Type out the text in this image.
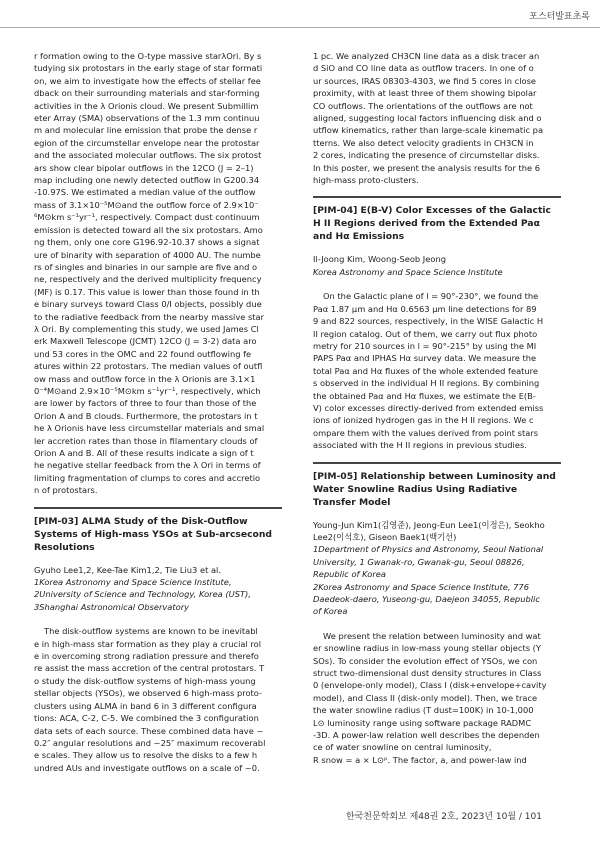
포스터발표초록

r formation owing to the O-type massive starλOri. By s
tudying six protostars in the early stage of star formati
on, we aim to investigate how the effects of stellar fee
dback on their surrounding materials and star-forming
activities in the λ Orionis cloud. We present Submillim
eter Array (SMA) observations of the 1.3 mm continuu
m and molecular line emission that probe the dense r
egion of the circumstellar envelope near the protostar
and the associated molecular outflows. The six protost
ars show clear bipolar outflows in the 12CO (J = 2–1)
map including one newly detected outflow in G200.34
-10.97S. We estimated a median value of the outflow
mass of 3.1×10⁻⁵M⊙and the outflow force of 2.9×10⁻
⁶M⊙km s⁻¹yr⁻¹, respectively. Compact dust continuum
emission is detected toward all the six protostars. Amo
ng them, only one core G196.92-10.37 shows a signat
ure of binarity with separation of 4000 AU. The numbe
rs of singles and binaries in our sample are five and o
ne, respectively and the derived multiplicity frequency
(MF) is 0.17. This value is lower than those found in th
e binary surveys toward Class 0/I objects, possibly due
to the radiative feedback from the nearby massive star
λ Ori. By complementing this study, we used James Cl
erk Maxwell Telescope (JCMT) 12CO (J = 3-2) data aro
und 53 cores in the OMC and 22 found outflowing fe
atures within 22 protostars. The median values of outfl
ow mass and outflow force in the λ Orionis are 3.1×1
0⁻⁴M⊙and 2.9×10⁻⁵M⊙km s⁻¹yr⁻¹, respectively, which
are lower by factors of three to four than those of the
Orion A and B clouds. Furthermore, the protostars in t
he λ Orionis have less circumstellar materials and smal
ler accretion rates than those in filamentary clouds of
Orion A and B. All of these results indicate a sign of t
he negative stellar feedback from the λ Ori in terms of
limiting fragmentation of clumps to cores and accretio
n of protostars.

[PIM-03] ALMA Study of the Disk-Outflow Systems of High-mass YSOs at Sub-arcsecond Resolutions

Gyuho Lee1,2, Kee-Tae Kim1,2, Tie Liu3 et al.

1Korea Astronomy and Space Science Institute,
2University of Science and Technology, Korea (UST),
3Shanghai Astronomical Observatory

The disk-outflow systems are known to be inevitabl
e in high-mass star formation as they play a crucial rol
e in overcoming strong radiation pressure and therefo
re assist the mass accretion of the central protostars. T
o study the disk-outflow systems of high-mass young
stellar objects (YSOs), we observed 6 high-mass proto-
clusters using ALMA in band 6 in 3 different configura
tions: ACA, C-2, C-5. We combined the 3 configuration
data sets of each source. These combined data have ~
0.2″ angular resolutions and ~25″ maximum recoverabl
e scales. They allow us to resolve the disks to a few h
undred AUs and investigate outflows on a scale of ~0.

1 pc. We analyzed CH3CN line data as a disk tracer an
d SiO and CO line data as outflow tracers. In one of o
ur sources, IRAS 08303-4303, we find 5 cores in close
proximity, with at least three of them showing bipolar
CO outflows. The orientations of the outflows are not
aligned, suggesting local factors influencing disk and o
utflow kinematics, rather than large-scale kinematic pa
tterns. We also detect velocity gradients in CH3CN in
2 cores, indicating the presence of circumstellar disks.
In this poster, we present the analysis results for the 6
high-mass proto-clusters.

[PIM-04] E(B-V) Color Excesses of the Galactic H II Regions derived from the Extended Paα and Hα Emissions

Il-Joong Kim, Woong-Seob Jeong

Korea Astronomy and Space Science Institute

On the Galactic plane of l = 90°-230°, we found the
Paα 1.87 μm and Hα 0.6563 μm line detections for 89
9 and 822 sources, respectively, in the WISE Galactic H
II region catalog. Out of them, we carry out flux photo
metry for 210 sources in l = 90°-215° by using the MI
PAPS Paα and IPHAS Hα survey data. We measure the
total Paα and Hα fluxes of the whole extended feature
s observed in the individual H II regions. By combining
the obtained Paα and Hα fluxes, we estimate the E(B-
V) color excesses directly-derived from extended emiss
ions of ionized hydrogen gas in the H II regions. We c
ompare them with the values derived from point stars
associated with the H II regions in previous studies.

[PIM-05] Relationship between Luminosity and Water Snowline Radius Using Radiative Transfer Model

Young-Jun Kim1(김영준), Jeong-Eun Lee1(이정은), Seokho Lee2(이석호), Giseon Baek1(백기선)

1Department of Physics and Astronomy, Seoul National
University, 1 Gwanak-ro, Gwanak-gu, Seoul 08826,
Republic of Korea
2Korea Astronomy and Space Science Institute, 776
Daedeok-daero, Yuseong-gu, Daejeon 34055, Republic
of Korea

We present the relation between luminosity and wat
er snowline radius in low-mass young stellar objects (Y
SOs). To consider the evolution effect of YSOs, we con
struct two-dimensional dust density structures in Class
0 (envelope-only model), Class I (disk+envelope+cavity
model), and Class II (disk-only model). Then, we trace
the water snowline radius (T dust=100K) in 10-1,000
L⊙ luminosity range using software package RADMC
-3D. A power-law relation well describes the dependen
ce of water snowline on central luminosity,
R snow = a × L⊙ᵖ. The factor, a, and power-law ind

한국천문학회보 제48권 2호, 2023년 10월 / 101
